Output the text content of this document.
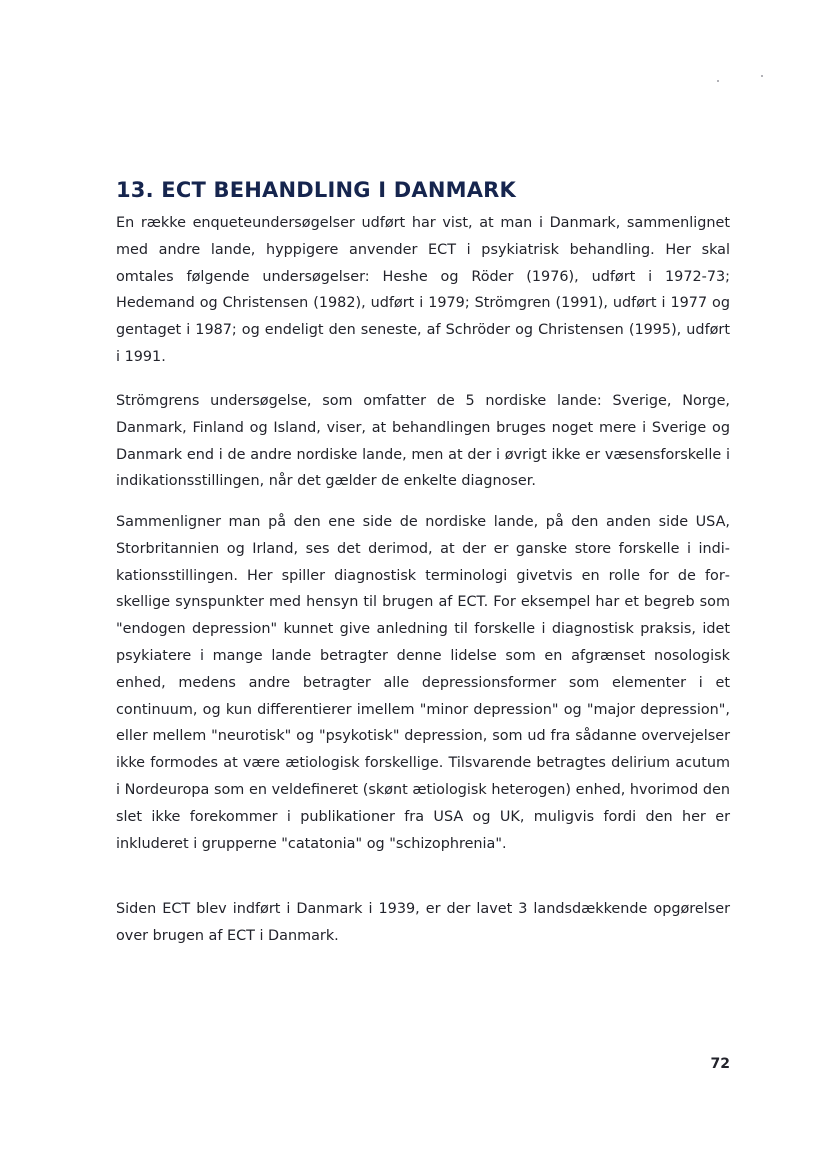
13. ECT BEHANDLING I DANMARK

En række enqueteundersøgelser udført har vist, at man i Danmark, sammenlignet med andre lande, hyppigere anvender ECT i psykiatrisk behandling. Her skal omtales følgende undersøgelser: Heshe og Röder (1976), udført i 1972-73; Hedemand og Christensen (1982), udført i 1979; Strömgren (1991), udført i 1977 og gentaget i 1987; og endeligt den seneste, af Schröder og Christensen (1995), udført i 1991.

Strömgrens undersøgelse, som omfatter de 5 nordiske lande: Sverige, Norge, Danmark, Finland og Island, viser, at behandlingen bruges noget mere i Sverige og Danmark end i de andre nordiske lande, men at der i øvrigt ikke er væsensforskelle i indikationsstillingen, når det gælder de enkelte diagnoser.

Sammenligner man på den ene side de nordiske lande, på den anden side USA, Storbritannien og Irland, ses det derimod, at der er ganske store forskelle i indikationsstillingen. Her spiller diagnostisk terminologi givetvis en rolle for de forskellige synspunkter med hensyn til brugen af ECT. For eksempel har et begreb som "endogen depression" kunnet give anledning til forskelle i diagnostisk praksis, idet psykiatere i mange lande betragter denne lidelse som en afgrænset nosologisk enhed, medens andre betragter alle depressionsformer som elementer i et continuum, og kun differentierer imellem "minor depression" og "major depression", eller mellem "neurotisk" og "psykotisk" depression, som ud fra sådanne overvejelser ikke formodes at være ætiologisk forskellige. Tilsvarende betragtes delirium acutum i Nordeuropa som en veldefineret (skønt ætiologisk heterogen) enhed, hvorimod den slet ikke forekommer i publikationer fra USA og UK, muligvis fordi den her er inkluderet i grupperne "catatonia" og "schizophrenia".

Siden ECT blev indført i Danmark i 1939, er der lavet 3 landsdækkende opgørelser over brugen af ECT i Danmark.

72
